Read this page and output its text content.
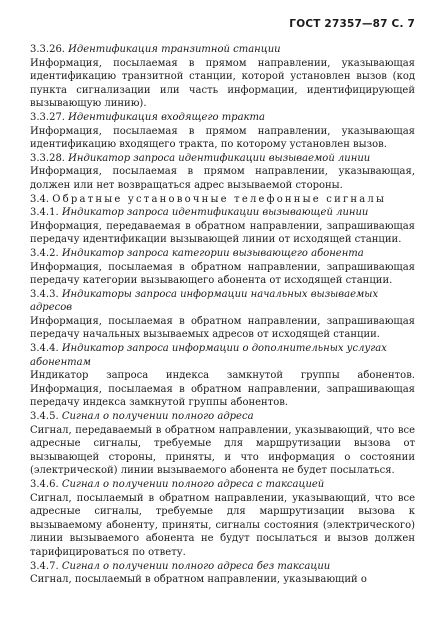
ГОСТ 27357—87 С. 7
3.3.26. Идентификация транзитной станции
Информация, посылаемая в прямом направлении, указывающая идентификацию транзитной станции, которой установлен вызов (код пункта сигнализации или часть информации, идентифицирующей вызывающую линию).
3.3.27. Идентификация входящего тракта
Информация, посылаемая в прямом направлении, указывающая идентификацию входящего тракта, по которому установлен вызов.
3.3.28. Индикатор запроса идентификации вызываемой линии
Информация, посылаемая в прямом направлении, указывающая, должен или нет возвращаться адрес вызываемой стороны.
3.4. Обратные установочные телефонные сигналы
3.4.1. Индикатор запроса идентификации вызывающей линии
Информация, передаваемая в обратном направлении, запрашивающая передачу идентификации вызывающей линии от исходящей станции.
3.4.2. Индикатор запроса категории вызывающего абонента
Информация, посылаемая в обратном направлении, запрашивающая передачу категории вызывающего абонента от исходящей станции.
3.4.3. Индикаторы запроса информации начальных вызываемых адресов
Информация, посылаемая в обратном направлении, запрашивающая передачу начальных вызываемых адресов от исходящей станции.
3.4.4. Индикатор запроса информации о дополнительных услугах абонентам
Индикатор запроса индекса замкнутой группы абонентов. Информация, посылаемая в обратном направлении, запрашивающая передачу индекса замкнутой группы абонентов.
3.4.5. Сигнал о получении полного адреса
Сигнал, передаваемый в обратном направлении, указывающий, что все адресные сигналы, требуемые для маршрутизации вызова от вызывающей стороны, приняты, и что информация о состоянии (электрической) линии вызываемого абонента не будет посылаться.
3.4.6. Сигнал о получении полного адреса с таксацией
Сигнал, посылаемый в обратном направлении, указывающий, что все адресные сигналы, требуемые для маршрутизации вызова к вызываемому абоненту, приняты, сигналы состояния (электрического) линии вызываемого абонента не будут посылаться и вызов должен тарифицироваться по ответу.
3.4.7. Сигнал о получении полного адреса без таксации
Сигнал, посылаемый в обратном направлении, указывающий о
